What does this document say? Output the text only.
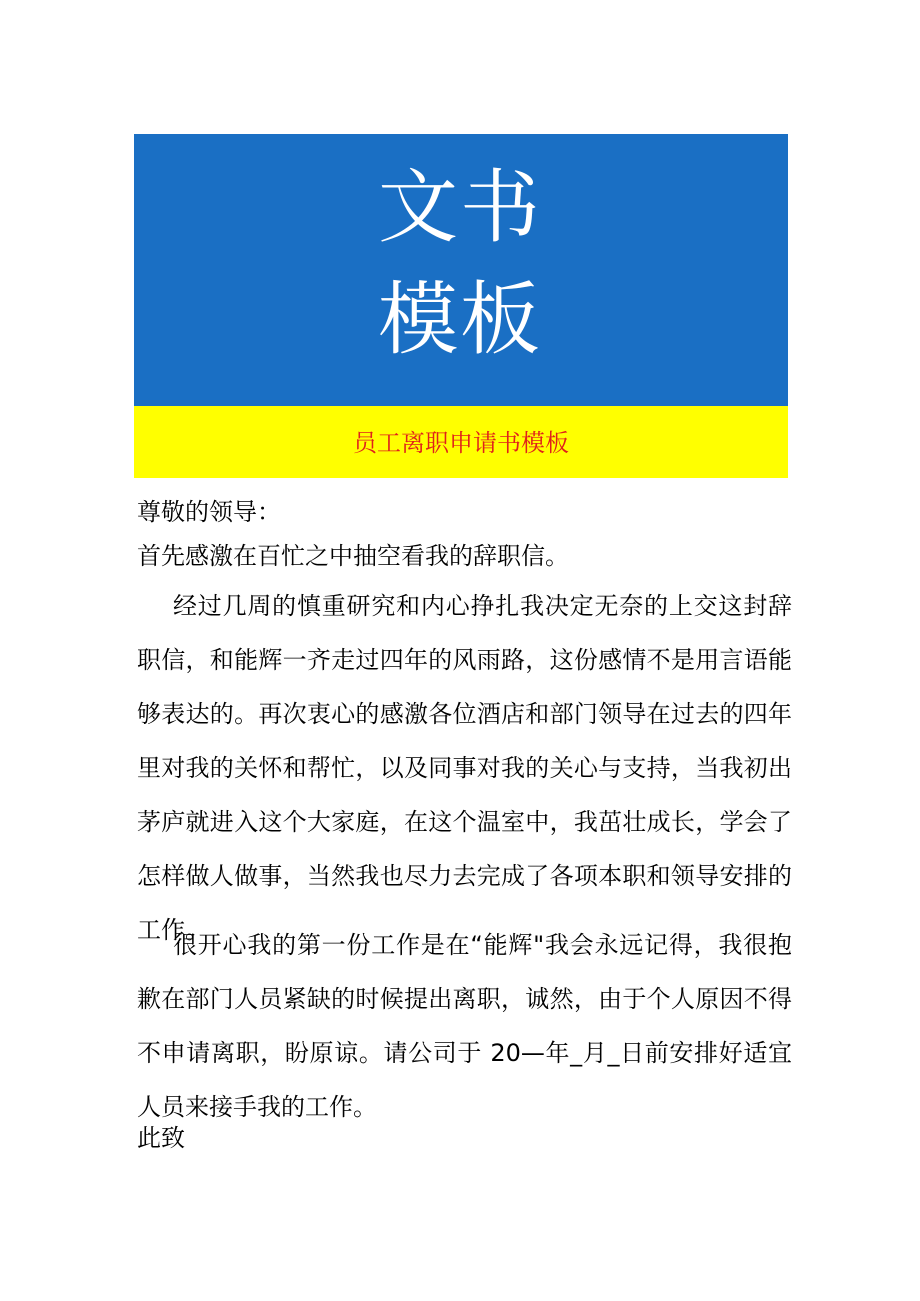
文书
模板
员工离职申请书模板
尊敬的领导：
首先感激在百忙之中抽空看我的辞职信。

经过几周的慎重研究和内心挣扎我决定无奈的上交这封辞职信，和能辉一齐走过四年的风雨路，这份感情不是用言语能够表达的。再次衷心的感激各位酒店和部门领导在过去的四年里对我的关怀和帮忙，以及同事对我的关心与支持，当我初出茅庐就进入这个大家庭，在这个温室中，我茁壮成长，学会了怎样做人做事，当然我也尽力去完成了各项本职和领导安排的工作。

很开心我的第一份工作是在“能辉"我会永远记得，我很抱歉在部门人员紧缺的时候提出离职，诚然，由于个人原因不得不申请离职，盼原谅。请公司于 20—年_月_日前安排好适宜人员来接手我的工作。

此致
